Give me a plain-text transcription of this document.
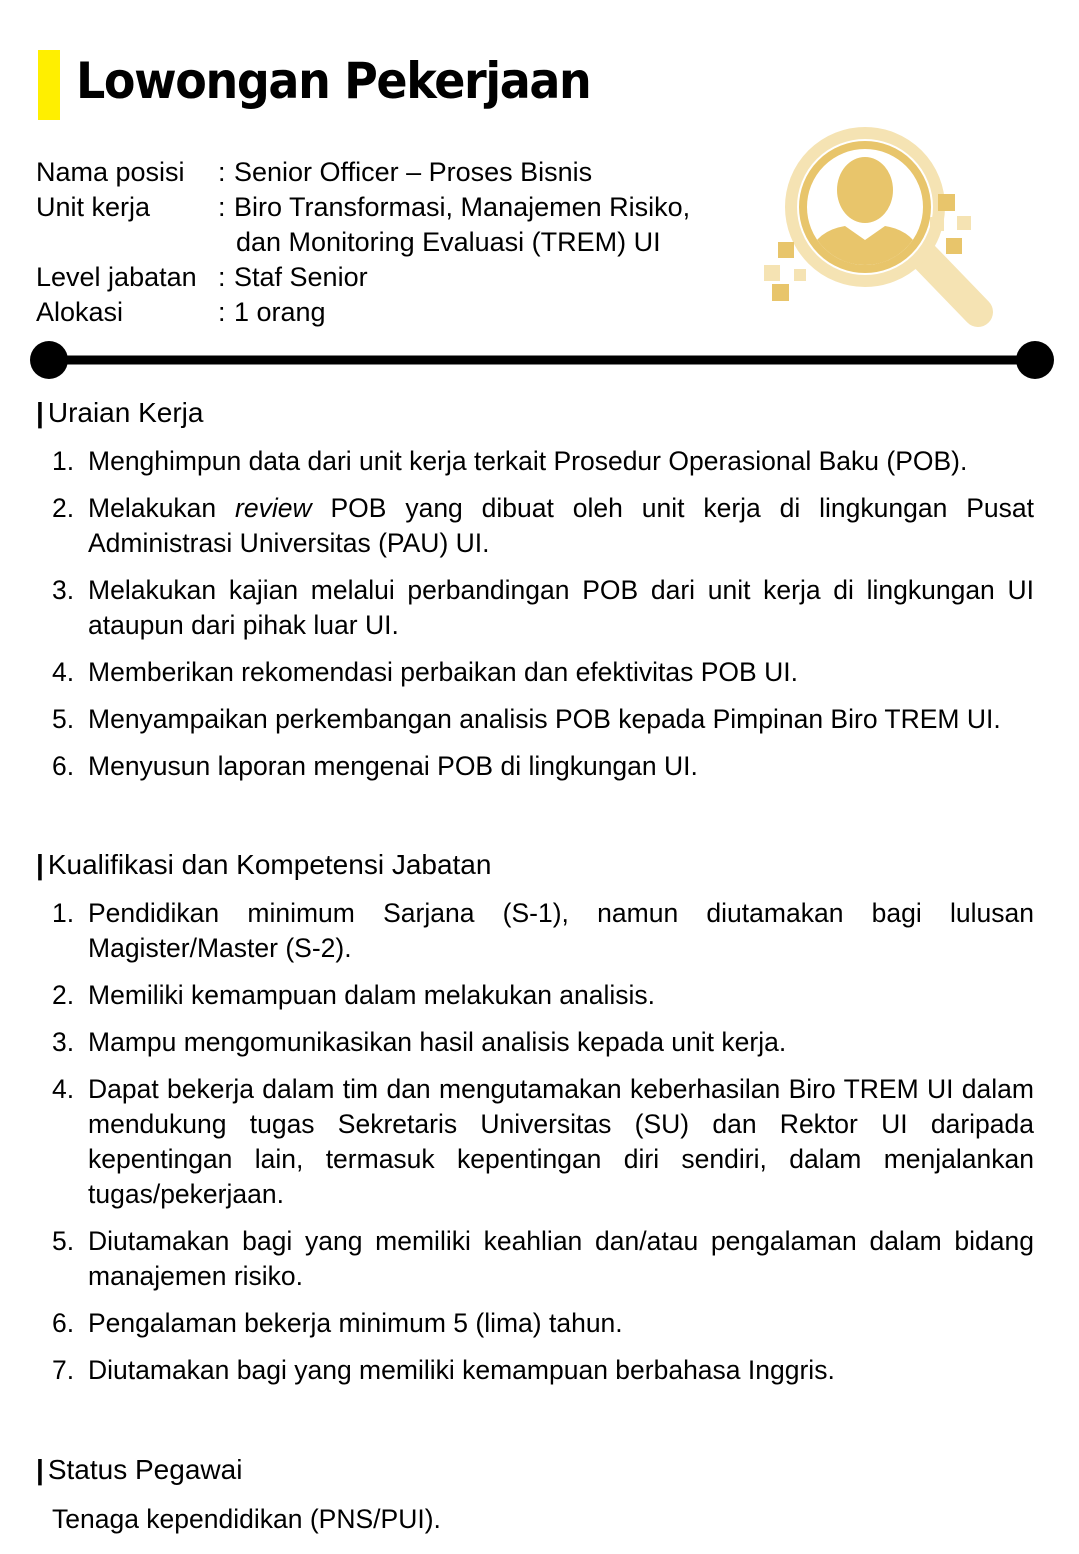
Lowongan Pekerjaan
Nama posisi	: Senior Officer – Proses Bisnis
Unit kerja	: Biro Transformasi, Manajemen Risiko,
dan Monitoring Evaluasi (TREM) UI
Level jabatan : Staf Senior
Alokasi	: 1 orang
| Uraian Kerja
1. Menghimpun data dari unit kerja terkait Prosedur Operasional Baku (POB).
2. Melakukan review POB yang dibuat oleh unit kerja di lingkungan Pusat Administrasi Universitas (PAU) UI.
3. Melakukan kajian melalui perbandingan POB dari unit kerja di lingkungan UI ataupun dari pihak luar UI.
4. Memberikan rekomendasi perbaikan dan efektivitas POB UI.
5. Menyampaikan perkembangan analisis POB kepada Pimpinan Biro TREM UI.
6. Menyusun laporan mengenai POB di lingkungan UI.
| Kualifikasi dan Kompetensi Jabatan
1. Pendidikan minimum Sarjana (S-1), namun diutamakan bagi lulusan Magister/Master (S-2).
2. Memiliki kemampuan dalam melakukan analisis.
3. Mampu mengomunikasikan hasil analisis kepada unit kerja.
4. Dapat bekerja dalam tim dan mengutamakan keberhasilan Biro TREM UI dalam mendukung tugas Sekretaris Universitas (SU) dan Rektor UI daripada kepentingan lain, termasuk kepentingan diri sendiri, dalam menjalankan tugas/pekerjaan.
5. Diutamakan bagi yang memiliki keahlian dan/atau pengalaman dalam bidang manajemen risiko.
6. Pengalaman bekerja minimum 5 (lima) tahun.
7. Diutamakan bagi yang memiliki kemampuan berbahasa Inggris.
| Status Pegawai
Tenaga kependidikan (PNS/PUI).
